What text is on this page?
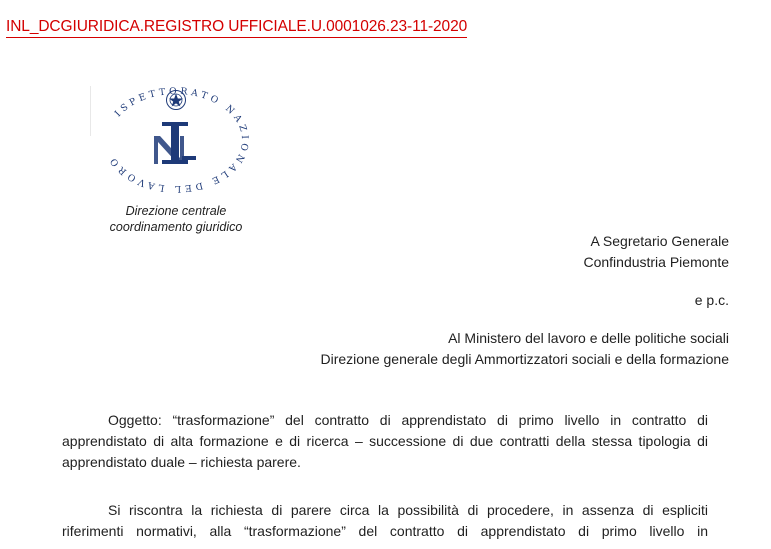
INL_DCGIURIDICA.REGISTRO UFFICIALE.U.0001026.23-11-2020
ISPETTORATO NAZIONALE DEL LAVORO
Direzione centrale
coordinamento giuridico
A Segretario Generale
Confindustria Piemonte
e p.c.
Al Ministero del lavoro e delle politiche sociali
Direzione generale degli Ammortizzatori sociali e della formazione
Oggetto: “trasformazione” del contratto di apprendistato di primo livello in contratto di
apprendistato di alta formazione e di ricerca – successione di due contratti della stessa tipologia di
apprendistato duale – richiesta parere.
Si riscontra la richiesta di parere circa la possibilità di procedere, in assenza di espliciti
riferimenti normativi, alla “trasformazione” del contratto di apprendistato di primo livello in
